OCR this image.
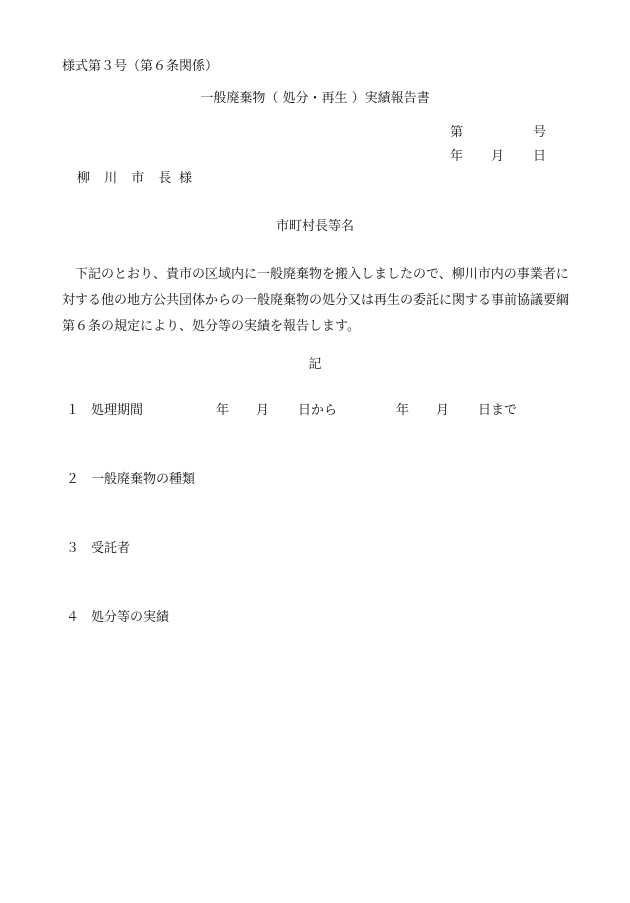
様式第３号（第６条関係）
一般廃棄物（ 処分・再生 ）実績報告書
第	号
年 月 日
柳 川 市 長 様
市町村長等名
下記のとおり、貴市の区域内に一般廃棄物を搬入しましたので、柳川市内の事業者に対する他の地方公共団体からの一般廃棄物の処分又は再生の委託に関する事前協議要綱第６条の規定により、処分等の実績を報告します。
記
１ 処理期間	年 月 日から	年 月 日まで
２ 一般廃棄物の種類
３ 受託者
４ 処分等の実績
